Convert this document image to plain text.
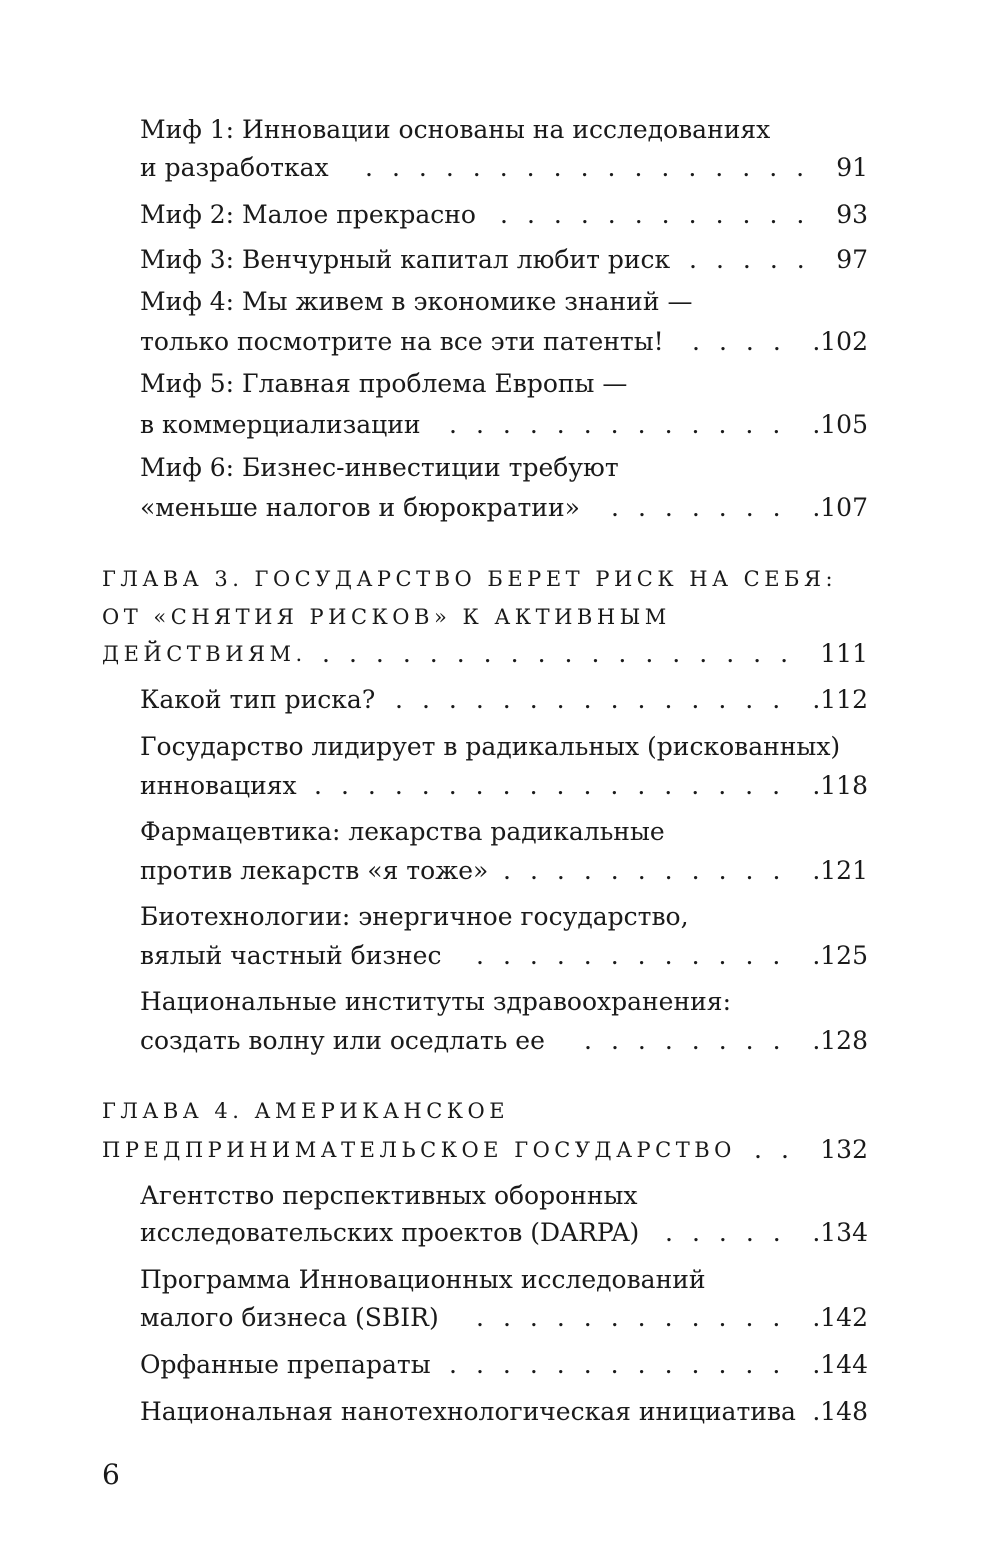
Миф 1: Инновации основаны на исследованиях
и разработках	91
.................
Миф 2: Малое прекрасно	93
............
Миф 3: Венчурный капитал любит риск	97
.....
Миф 4: Мы живем в экономике знаний —
только посмотрите на все эти патенты!	.102
....
Миф 5: Главная проблема Европы —
в коммерциализации	.105
.............
Миф 6: Бизнес-инвестиции требуют
«меньше налогов и бюрократии»	.107
.......
ГЛАВА 3. ГОСУДАРСТВО БЕРЕТ РИСК НА СЕБЯ:
ОТ «СНЯТИЯ РИСКОВ» К АКТИВНЫМ
ДЕЙСТВИЯМ.	111
..................
Какой тип риска?	.112
...............
Государство лидирует в радикальных (рискованных)
инновациях	.118
..................
Фармацевтика: лекарства радикальные
против лекарств «я тоже»	.121
...........
Биотехнологии: энергичное государство,
вялый частный бизнес	.125
............
Национальные институты здравоохранения:
создать волну или оседлать ее	.128
........
ГЛАВА 4. АМЕРИКАНСКОЕ
ПРЕДПРИНИМАТЕЛЬСКОЕ ГОСУДАРСТВО	132
..
Агентство перспективных оборонных
исследовательских проектов (DARPA)	.134
.....
Программа Инновационных исследований
малого бизнеса (SBIR)	.142
............
Орфанные препараты	.144
.............
Национальная нанотехнологическая инициатива .148
6
